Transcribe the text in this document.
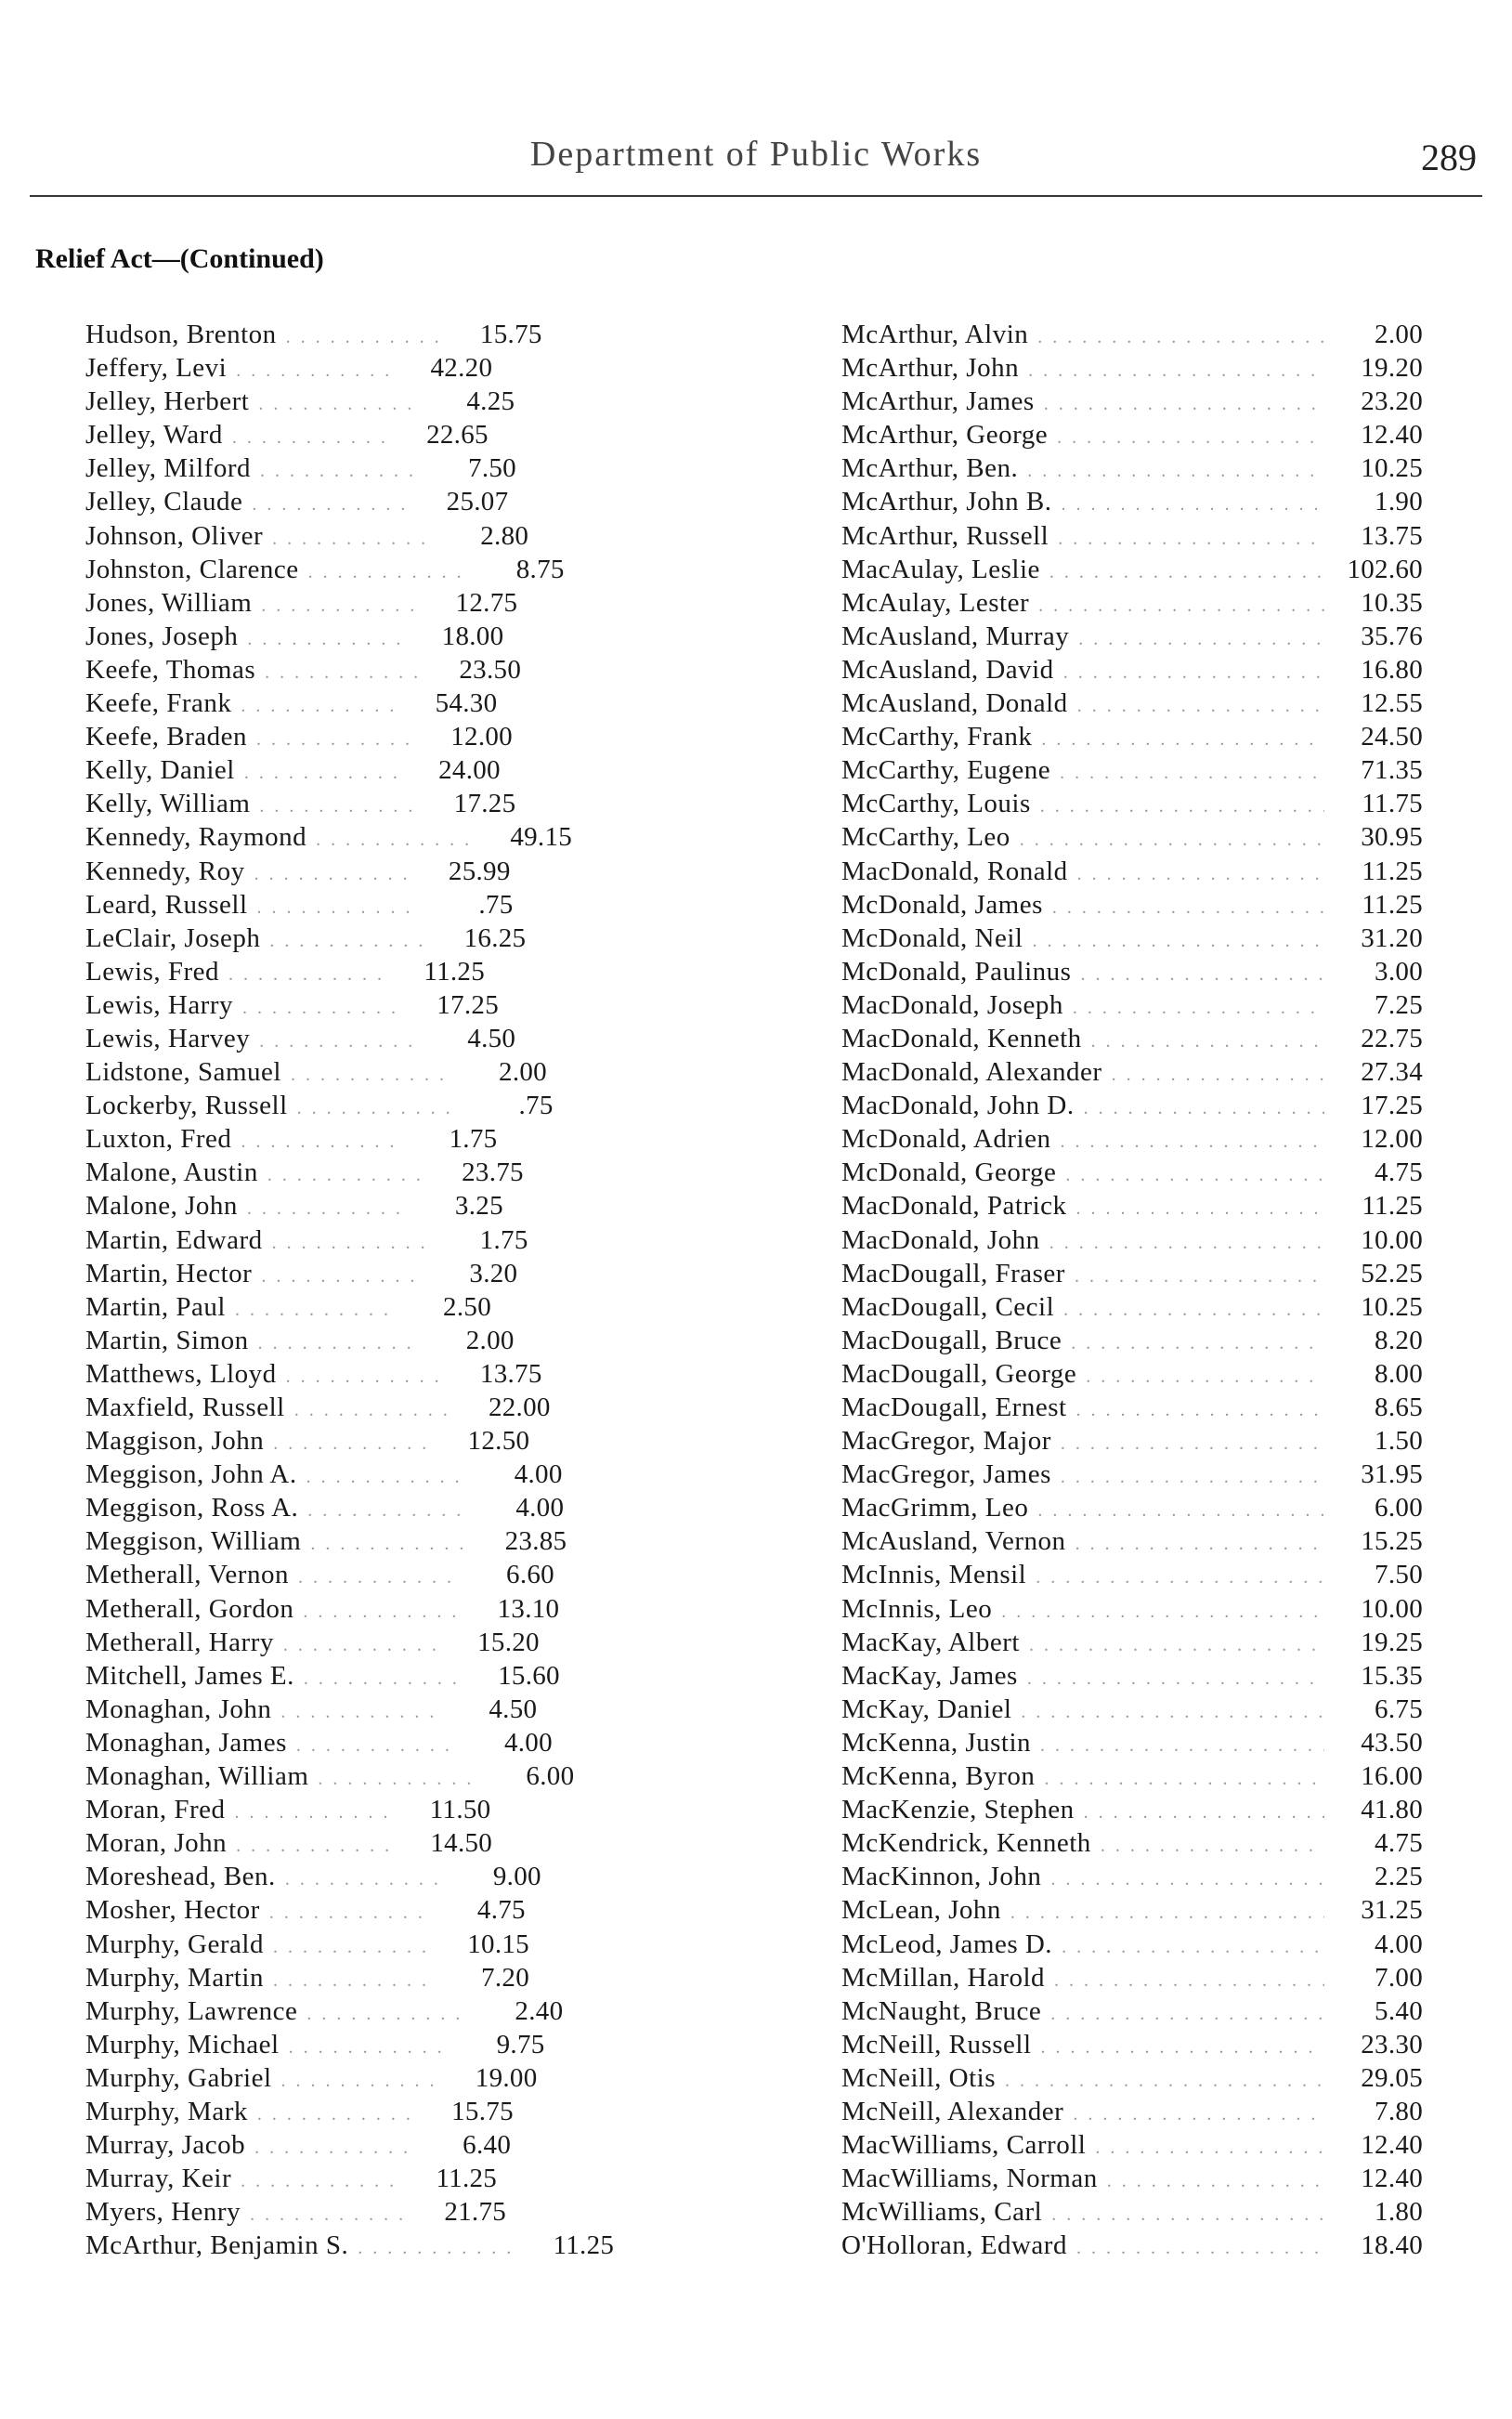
Department of Public Works	289
Relief Act—(Continued)
Hudson, Brenton . . .	15.75
Jeffery, Levi . . .	42.20
Jelley, Herbert . . .	4.25
Jelley, Ward . . .	22.65
Jelley, Milford . . .	7.50
Jelley, Claude . . .	25.07
Johnson, Oliver . . .	2.80
Johnston, Clarence . . .	8.75
Jones, William . . .	12.75
Jones, Joseph . . .	18.00
Keefe, Thomas . . .	23.50
Keefe, Frank . . .	54.30
Keefe, Braden . . .	12.00
Kelly, Daniel . . .	24.00
Kelly, William . . .	17.25
Kennedy, Raymond . . .	49.15
Kennedy, Roy . . .	25.99
Leard, Russell . . .	.75
LeClair, Joseph . . .	16.25
Lewis, Fred . . .	11.25
Lewis, Harry . . .	17.25
Lewis, Harvey . . .	4.50
Lidstone, Samuel . . .	2.00
Lockerby, Russell . . .	.75
Luxton, Fred . . .	1.75
Malone, Austin . . .	23.75
Malone, John . . .	3.25
Martin, Edward . . .	1.75
Martin, Hector . . .	3.20
Martin, Paul . . .	2.50
Martin, Simon . . .	2.00
Matthews, Lloyd . . .	13.75
Maxfield, Russell . . .	22.00
Maggison, John . . .	12.50
Meggison, John A. . . .	4.00
Meggison, Ross A. . . .	4.00
Meggison, William . . .	23.85
Metherall, Vernon . . .	6.60
Metherall, Gordon . . .	13.10
Metherall, Harry . . .	15.20
Mitchell, James E. . . .	15.60
Monaghan, John . . .	4.50
Monaghan, James . . .	4.00
Monaghan, William . . .	6.00
Moran, Fred . . .	11.50
Moran, John . . .	14.50
Moreshead, Ben. . . .	9.00
Mosher, Hector . . .	4.75
Murphy, Gerald . . .	10.15
Murphy, Martin . . .	7.20
Murphy, Lawrence . . .	2.40
Murphy, Michael . . .	9.75
Murphy, Gabriel . . .	19.00
Murphy, Mark . . .	15.75
Murray, Jacob . . .	6.40
Murray, Keir . . .	11.25
Myers, Henry . . .	21.75
McArthur, Benjamin S. . . .	11.25
McArthur, Alvin . . .	2.00
McArthur, John . . .	19.20
McArthur, James . . .	23.20
McArthur, George . . .	12.40
McArthur, Ben. . . .	10.25
McArthur, John B. . . .	1.90
McArthur, Russell . . .	13.75
MacAulay, Leslie . . .	102.60
McAulay, Lester . . .	10.35
McAusland, Murray . . .	35.76
McAusland, David . . .	16.80
McAusland, Donald . . .	12.55
McCarthy, Frank . . .	24.50
McCarthy, Eugene . . .	71.35
McCarthy, Louis . . .	11.75
McCarthy, Leo . . .	30.95
MacDonald, Ronald . . .	11.25
McDonald, James . . .	11.25
McDonald, Neil . . .	31.20
McDonald, Paulinus . . .	3.00
MacDonald, Joseph . . .	7.25
MacDonald, Kenneth . . .	22.75
MacDonald, Alexander . . .	27.34
MacDonald, John D. . . .	17.25
McDonald, Adrien . . .	12.00
McDonald, George . . .	4.75
MacDonald, Patrick . . .	11.25
MacDonald, John . . .	10.00
MacDougall, Fraser . . .	52.25
MacDougall, Cecil . . .	10.25
MacDougall, Bruce . . .	8.20
MacDougall, George . . .	8.00
MacDougall, Ernest . . .	8.65
MacGregor, Major . . .	1.50
MacGregor, James . . .	31.95
MacGrimm, Leo . . .	6.00
McAusland, Vernon . . .	15.25
McInnis, Mensil . . .	7.50
McInnis, Leo . . .	10.00
MacKay, Albert . . .	19.25
MacKay, James . . .	15.35
McKay, Daniel . . .	6.75
McKenna, Justin . . .	43.50
McKenna, Byron . . .	16.00
MacKenzie, Stephen . . .	41.80
McKendrick, Kenneth . . .	4.75
MacKinnon, John . . .	2.25
McLean, John . . .	31.25
McLeod, James D. . . .	4.00
McMillan, Harold . . .	7.00
McNaught, Bruce . . .	5.40
McNeill, Russell . . .	23.30
McNeill, Otis . . .	29.05
McNeill, Alexander . . .	7.80
MacWilliams, Carroll . . .	12.40
MacWilliams, Norman . . .	12.40
McWilliams, Carl . . .	1.80
O'Holloran, Edward . . .	18.40
